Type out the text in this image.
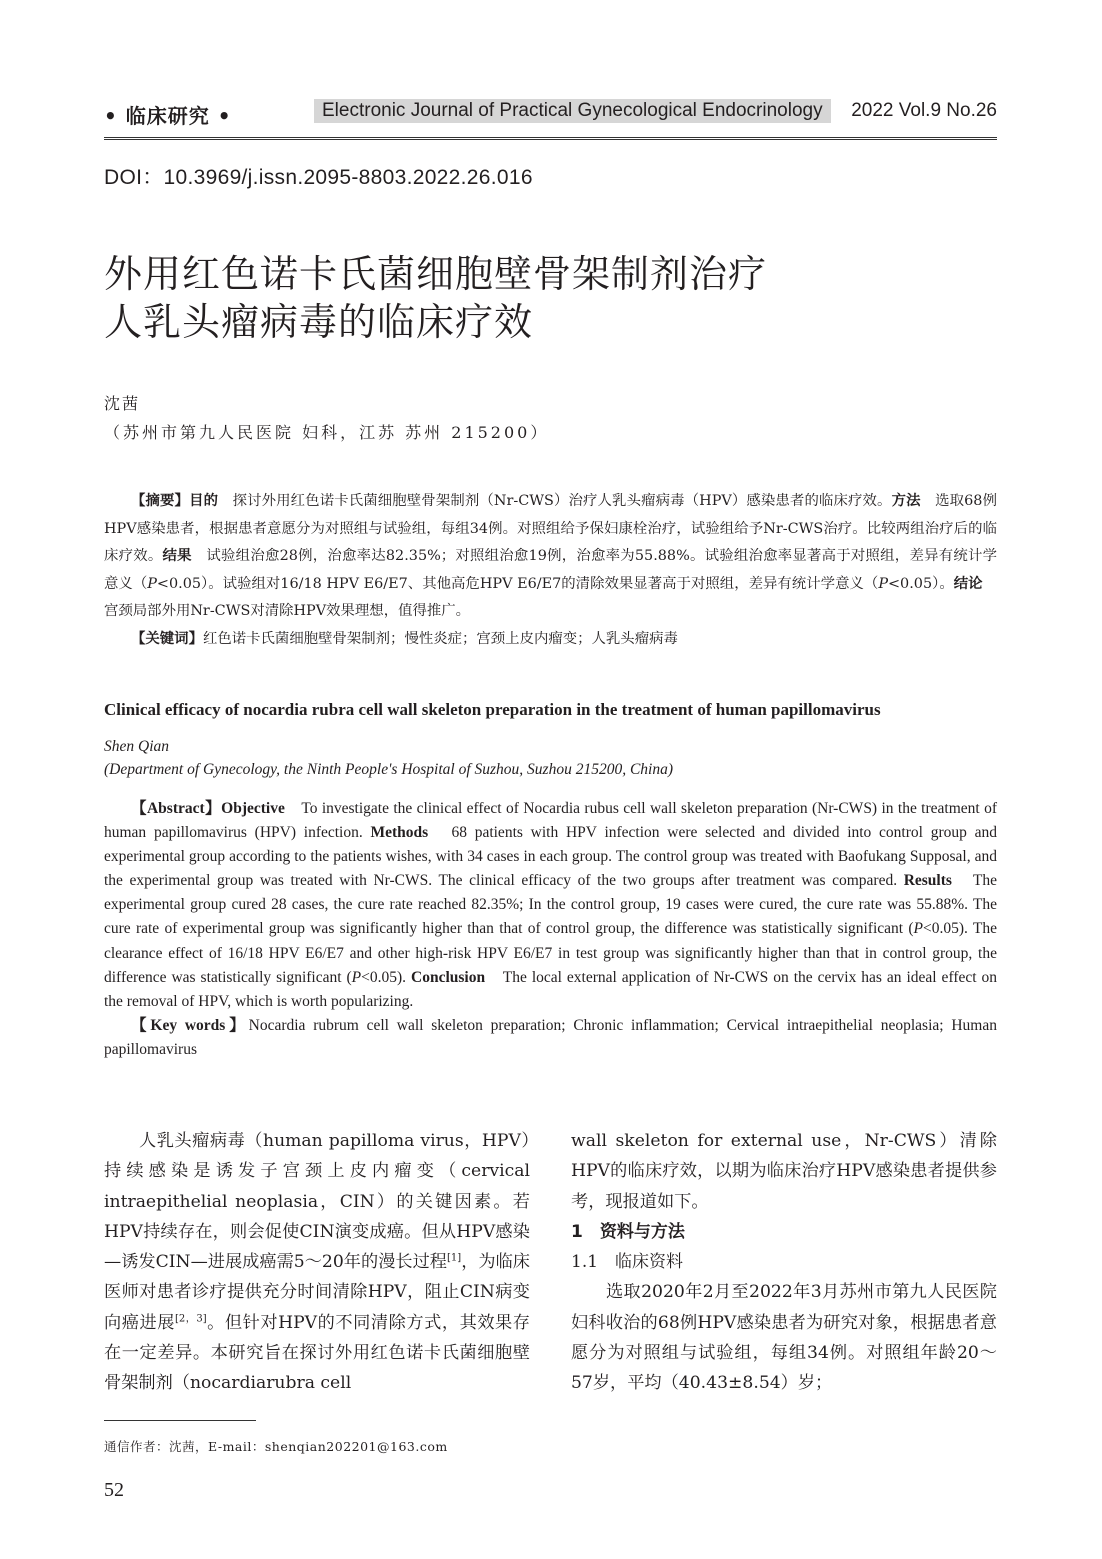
• 临床研究 •	Electronic Journal of Practical Gynecological Endocrinology	2022 Vol.9 No.26
DOI：10.3969/j.issn.2095-8803.2022.26.016
外用红色诺卡氏菌细胞壁骨架制剂治疗
人乳头瘤病毒的临床疗效
沈茜
（苏州市第九人民医院 妇科，江苏 苏州 215200）

【摘要】目的　探讨外用红色诺卡氏菌细胞壁骨架制剂（Nr-CWS）治疗人乳头瘤病毒（HPV）感染患者的临床疗效。方法　选取68例HPV感染患者，根据患者意愿分为对照组与试验组，每组34例。对照组给予保妇康栓治疗，试验组给予Nr-CWS治疗。比较两组治疗后的临床疗效。结果　试验组治愈28例，治愈率达82.35%；对照组治愈19例，治愈率为55.88%。试验组治愈率显著高于对照组，差异有统计学意义（P<0.05）。试验组对16/18 HPV E6/E7、其他高危HPV E6/E7的清除效果显著高于对照组，差异有统计学意义（P<0.05）。结论　宫颈局部外用Nr-CWS对清除HPV效果理想，值得推广。

【关键词】红色诺卡氏菌细胞壁骨架制剂；慢性炎症；宫颈上皮内瘤变；人乳头瘤病毒

Clinical efficacy of nocardia rubra cell wall skeleton preparation in the treatment of human papillomavirus
Shen Qian
(Department of Gynecology, the Ninth People's Hospital of Suzhou, Suzhou 215200, China)

【Abstract】Objective　To investigate the clinical effect of Nocardia rubus cell wall skeleton preparation (Nr-CWS) in the treatment of human papillomavirus (HPV) infection. Methods　68 patients with HPV infection were selected and divided into control group and experimental group according to the patients wishes, with 34 cases in each group. The control group was treated with Baofukang Supposal, and the experimental group was treated with Nr-CWS. The clinical efficacy of the two groups after treatment was compared. Results　The experimental group cured 28 cases, the cure rate reached 82.35%; In the control group, 19 cases were cured, the cure rate was 55.88%. The cure rate of experimental group was significantly higher than that of control group, the difference was statistically significant (P<0.05). The clearance effect of 16/18 HPV E6/E7 and other high-risk HPV E6/E7 in test group was significantly higher than that in control group, the difference was statistically significant (P<0.05). Conclusion　The local external application of Nr-CWS on the cervix has an ideal effect on the removal of HPV, which is worth popularizing.

【Key words】Nocardia rubrum cell wall skeleton preparation; Chronic inflammation; Cervical intraepithelial neoplasia; Human papillomavirus

人乳头瘤病毒（human papilloma virus，HPV）持续感染是诱发子宫颈上皮内瘤变（cervical intraepithelial neoplasia，CIN）的关键因素。若HPV持续存在，则会促使CIN演变成癌。但从HPV感染—诱发CIN—进展成癌需5～20年的漫长过程[1]，为临床医师对患者诊疗提供充分时间清除HPV，阻止CIN病变向癌进展[2，3]。但针对HPV的不同清除方式，其效果存在一定差异。本研究旨在探讨外用红色诺卡氏菌细胞壁骨架制剂（nocardiarubra cell

wall skeleton for external use，Nr-CWS）清除HPV的临床疗效，以期为临床治疗HPV感染患者提供参考，现报道如下。

1　资料与方法

1.1　临床资料

选取2020年2月至2022年3月苏州市第九人民医院妇科收治的68例HPV感染患者为研究对象，根据患者意愿分为对照组与试验组，每组34例。对照组年龄20～57岁，平均（40.43±8.54）岁；

通信作者：沈茜，E-mail：shenqian202201@163.com
52
